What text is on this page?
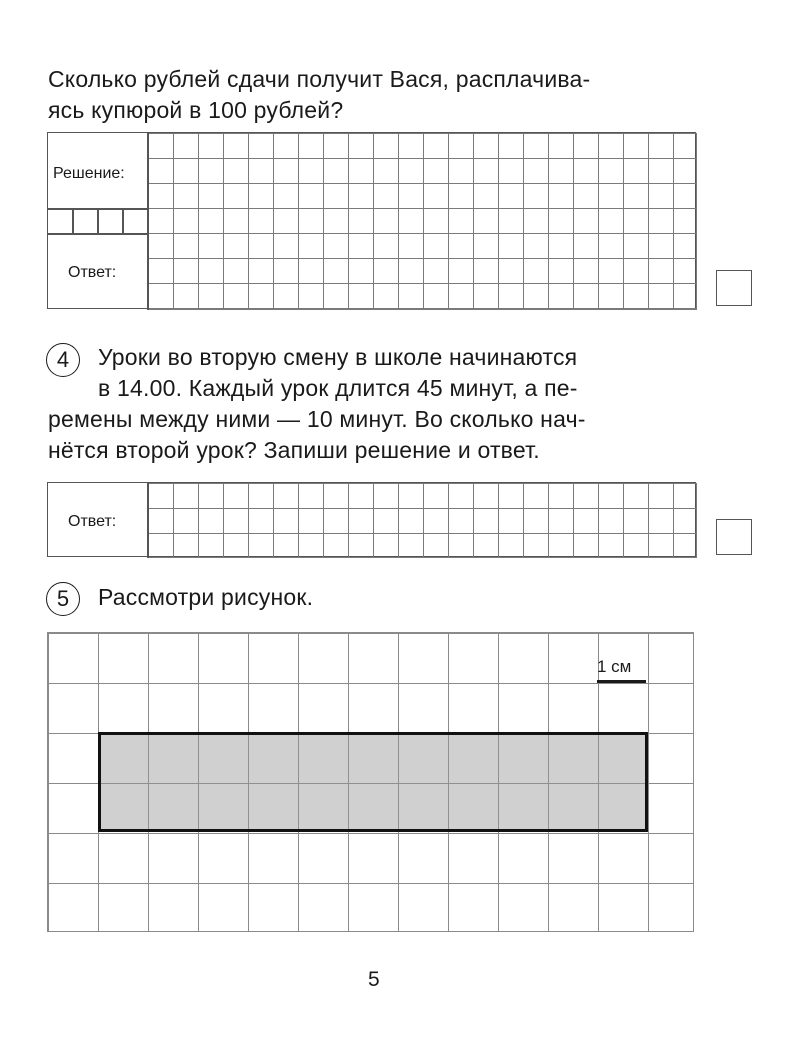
Сколько рублей сдачи получит Вася, расплачива-
ясь купюрой в 100 рублей?
Решение:
Ответ:
4	Уроки во вторую смену в школе начинаются
в 14.00. Каждый урок длится 45 минут, а пе-
ремены между ними — 10 минут. Во сколько нач-
нётся второй урок? Запиши решение и ответ.
Ответ:
5	Рассмотри рисунок.
1 см
5
